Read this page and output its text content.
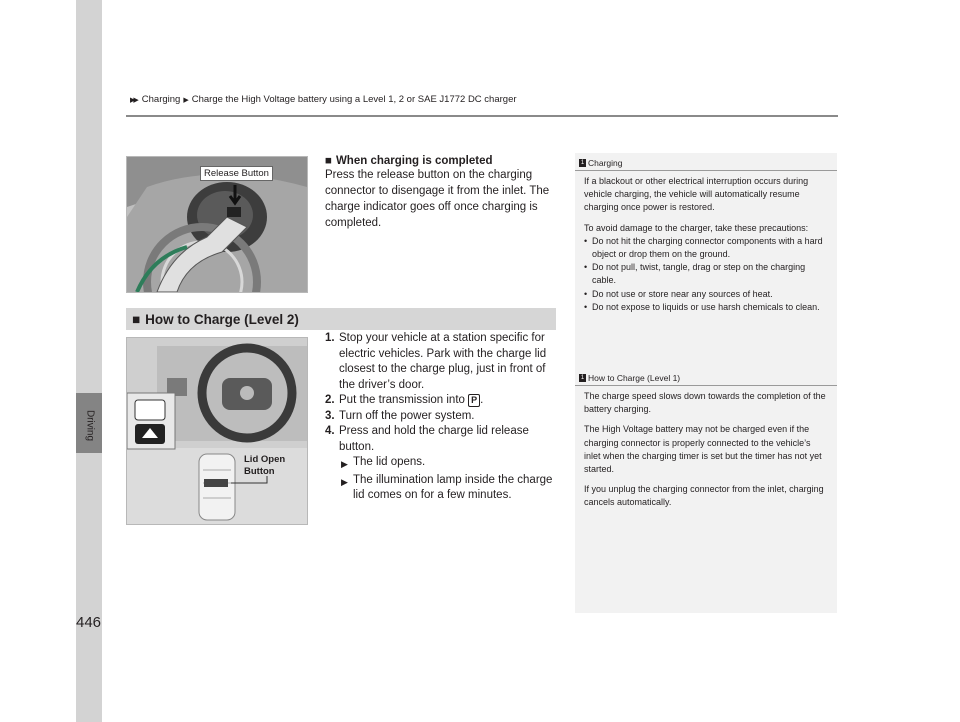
Driving
▶▶ Charging ▶ Charge the High Voltage battery using a Level 1, 2 or SAE J1772 DC charger
Release Button
■ When charging is completed
Press the release button on the charging connector to disengage it from the inlet. The charge indicator goes off once charging is completed.
■ How to Charge (Level 2)
Lid Open Button
1. Stop your vehicle at a station specific for electric vehicles. Park with the charge lid closest to the charge plug, just in front of the driver’s door.
2. Put the transmission into P .
3. Turn off the power system.
4. Press and hold the charge lid release button.
▶ The lid opens.
▶ The illumination lamp inside the charge lid comes on for a few minutes.
1 Charging

If a blackout or other electrical interruption occurs during vehicle charging, the vehicle will automatically resume charging once power is restored.

To avoid damage to the charger, take these precautions:

• Do not hit the charging connector components with a hard object or drop them on the ground.
• Do not pull, twist, tangle, drag or step on the charging cable.
• Do not use or store near any sources of heat.
• Do not expose to liquids or use harsh chemicals to clean.
1 How to Charge (Level 1)

The charge speed slows down towards the completion of the battery charging.

The High Voltage battery may not be charged even if the charging connector is properly connected to the vehicle’s inlet when the charging timer is set but the timer has not yet started.

If you unplug the charging connector from the inlet, charging cancels automatically.

446
